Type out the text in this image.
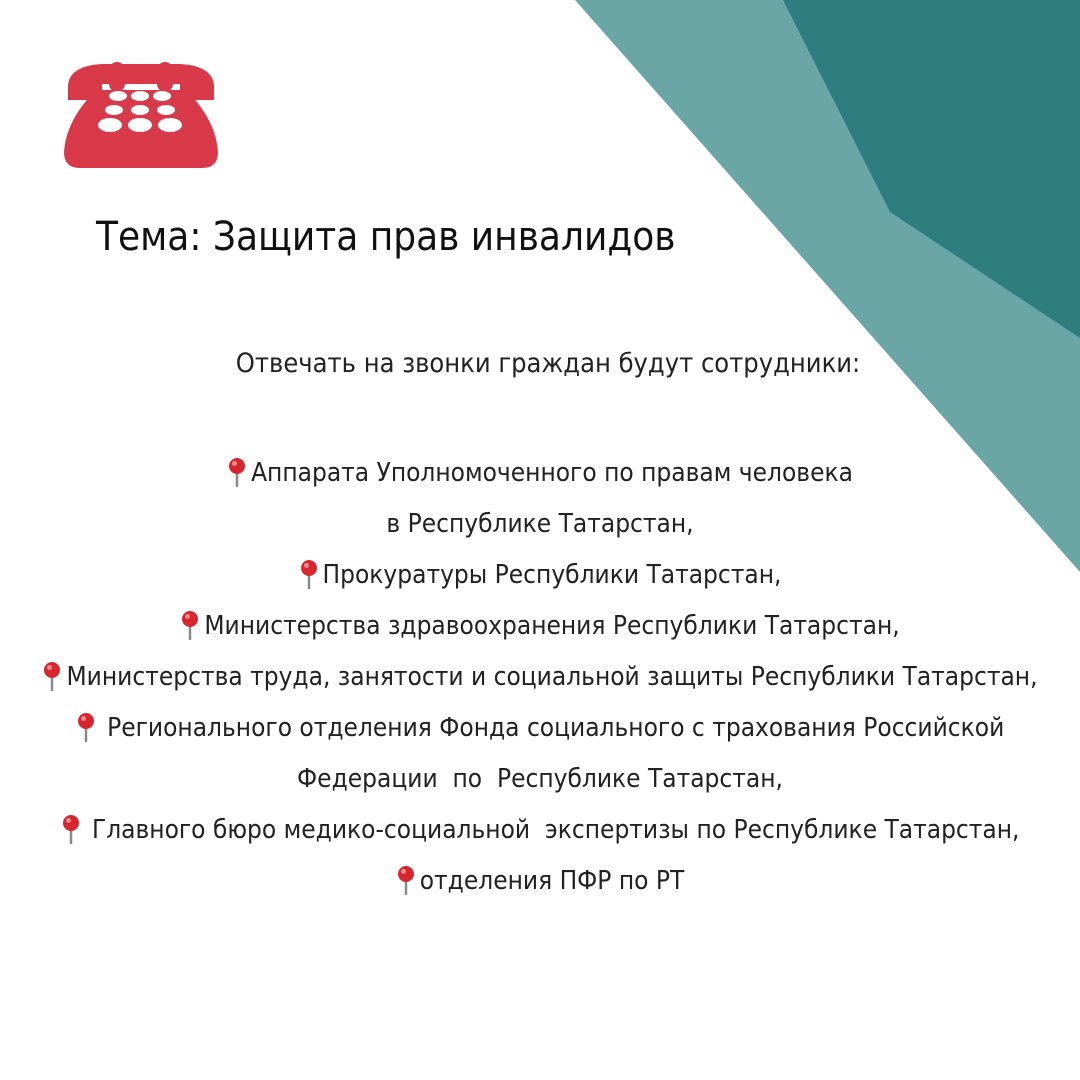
Тема: Защита прав инвалидов
Отвечать на звонки граждан будут сотрудники:
Аппарата Уполномоченного по правам человека
в Республике Татарстан,
Прокуратуры Республики Татарстан,
Министерства здравоохранения Республики Татарстан,
Министерства труда, занятости и социальной защиты Республики Татарстан,
Регионального отделения Фонда социального с трахования Российской
Федерации  по  Республике Татарстан,
Главного бюро медико-социальной  экспертизы по Республике Татарстан,
отделения ПФР по РТ
